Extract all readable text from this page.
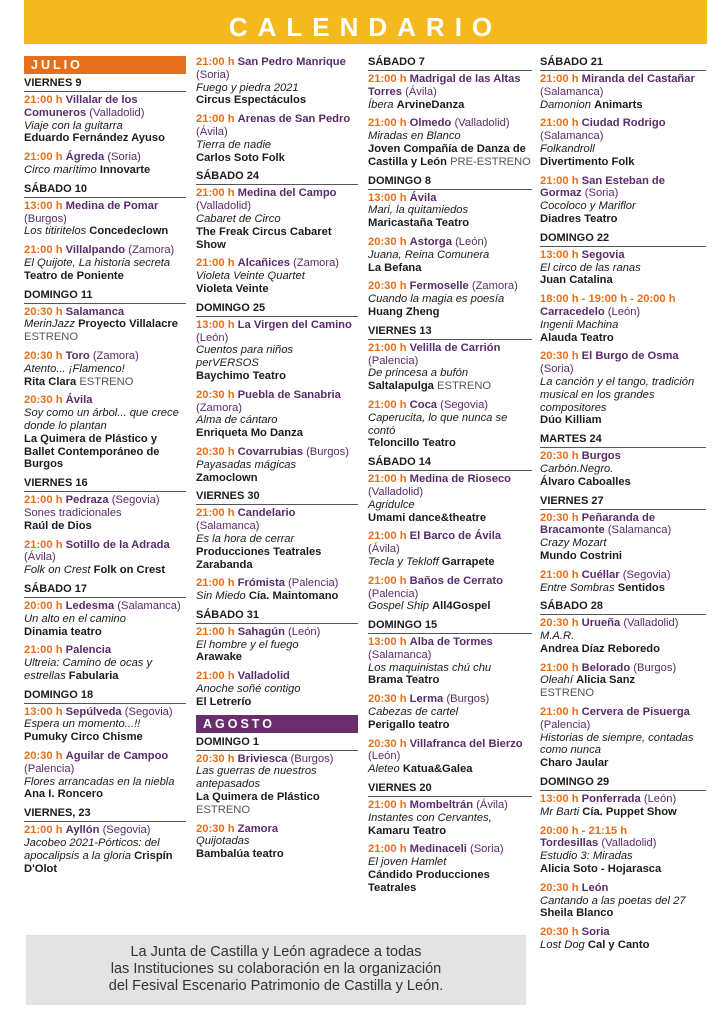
CALENDARIO
JULIO
VIERNES 9
21:00 h Villalar de los Comuneros (Valladolid)
Viaje con la guitarra
Eduardo Fernández Ayuso
21:00 h Ágreda (Soria)
Circo marítimo Innovarte
SÁBADO 10
13:00 h Medina de Pomar (Burgos)
Los titiritelos Concedeclown
21:00 h Villalpando (Zamora)
El Quijote, La historia secreta
Teatro de Poniente
DOMINGO 11
20:30 h Salamanca
MerinJazz Proyecto Villalacre
ESTRENO
20:30 h Toro (Zamora)
Atento... ¡Flamenco!
Rita Clara ESTRENO
20:30 h Ávila
Soy como un árbol... que crece donde lo plantan
La Quimera de Plástico y Ballet Contemporáneo de Burgos
VIERNES 16
21:00 h Pedraza (Segovia)
Sones tradicionales
Raúl de Dios
21:00 h Sotillo de la Adrada (Ávila)
Folk on Crest Folk on Crest
SÁBADO 17
20:00 h Ledesma (Salamanca)
Un alto en el camino
Dinamia teatro
21:00 h Palencia
Ultreia: Camino de ocas y estrellas Fabularia
DOMINGO 18
13:00 h Sepúlveda (Segovia)
Espera un momento...!!
Pumuky Circo Chisme
20:30 h Aguilar de Campoo (Palencia)
Flores arrancadas en la niebla
Ana I. Roncero
VIERNES, 23
21:00 h Ayllón (Segovia)
Jacobeo 2021-Pórticos: del apocalipsis a la gloria Crispín D'Olot
21:00 h San Pedro Manrique (Soria)
Fuego y piedra 2021
Circus Espectáculos
21:00 h Arenas de San Pedro (Ávila)
Tierra de nadie
Carlos Soto Folk
SÁBADO 24
21:00 h Medina del Campo (Valladolid)
Cabaret de Circo
The Freak Circus Cabaret Show
21:00 h Alcañices (Zamora)
Violeta Veinte Quartet
Violeta Veinte
DOMINGO 25
13:00 h La Virgen del Camino (León)
Cuentos para niños perVERSOS
Baychimo Teatro
20:30 h Puebla de Sanabria (Zamora)
Alma de cántaro
Enriqueta Mo Danza
20:30 h Covarrubias (Burgos)
Payasadas mágicas
Zamoclown
VIERNES 30
21:00 h Candelario (Salamanca)
Es la hora de cerrar
Producciones Teatrales Zarabanda
21:00 h Frómista (Palencia)
Sin Miedo Cía. Maintomano
SÁBADO 31
21:00 h Sahagún (León)
El hombre y el fuego
Arawake
21:00 h Valladolid
Anoche soñé contigo
El Letrerío
AGOSTO
DOMINGO 1
20:30 h Briviesca (Burgos)
Las guerras de nuestros antepasados
La Quimera de Plástico
ESTRENO
20:30 h Zamora
Quijotadas
Bambalúa teatro
SÁBADO 7
21:00 h Madrigal de las Altas Torres (Ávila)
Íbera ArvineDanza
21:00 h Olmedo (Valladolid)
Miradas en Blanco
Joven Compañía de Danza de Castilla y León PRE-ESTRENO
DOMINGO 8
13:00 h Ávila
Mari, la quitamiedos
Maricastaña Teatro
20:30 h Astorga (León)
Juana, Reina Comunera
La Befana
20:30 h Fermoselle (Zamora)
Cuando la magia es poesía
Huang Zheng
VIERNES 13
21:00 h Velilla de Carrión (Palencia)
De princesa a bufón
Saltalapulga ESTRENO
21:00 h Coca (Segovia)
Caperucita, lo que nunca se contó
Teloncillo Teatro
SÁBADO 14
21:00 h Medina de Rioseco (Valladolid)
Agridulce
Umami dance&theatre
21:00 h El Barco de Ávila (Ávila)
Tecla y Tekloff Garrapete
21:00 h Baños de Cerrato (Palencia)
Gospel Ship All4Gospel
DOMINGO 15
13:00 h Alba de Tormes (Salamanca)
Los maquinistas chú chu
Brama Teatro
20:30 h Lerma (Burgos)
Cabezas de cartel
Perigallo teatro
20:30 h Villafranca del Bierzo (León)
Aleteo Katua&Galea
VIERNES 20
21:00 h Mombeltrán (Ávila)
Instantes con Cervantes,
Kamaru Teatro
21:00 h Medinaceli (Soria)
El joven Hamlet
Cándido Producciones Teatrales
SÁBADO 21
21:00 h Miranda del Castañar (Salamanca)
Damonion Animarts
21:00 h Ciudad Rodrigo (Salamanca)
Folkandroll
Divertimento Folk
21:00 h San Esteban de Gormaz (Soria)
Cocoloco y Mariflor
Diadres Teatro
DOMINGO 22
13:00 h Segovia
El circo de las ranas
Juan Catalina
18:00 h - 19:00 h - 20:00 h
Carracedelo (León)
Ingenii Machina
Alauda Teatro
20:30 h El Burgo de Osma (Soria)
La canción y el tango, tradición musical en los grandes compositores
Dúo Killiam
MARTES 24
20:30 h Burgos
Carbón.Negro.
Álvaro Caboalles
VIERNES 27
20:30 h Peñaranda de Bracamonte (Salamanca)
Crazy Mozart
Mundo Costrini
21:00 h Cuéllar (Segovia)
Entre Sombras Sentidos
SÁBADO 28
20:30 h Urueña (Valladolid)
M.A.R.
Andrea Díaz Reboredo
21:00 h Belorado (Burgos)
Oleahí Alicia Sanz
ESTRENO
21:00 h Cervera de Pisuerga (Palencia)
Historias de siempre, contadas como nunca
Charo Jaular
DOMINGO 29
13:00 h Ponferrada (León)
Mr Barti Cía. Puppet Show
20:00 h - 21:15 h
Tordesillas (Valladolid)
Estudio 3: Miradas
Alicia Soto - Hojarasca
20:30 h León
Cantando a las poetas del 27 Sheila Blanco
20:30 h Soria
Lost Dog Cal y Canto
La Junta de Castilla y León agradece a todas
las Instituciones su colaboración en la organización
del Fesival Escenario Patrimonio de Castilla y León.
